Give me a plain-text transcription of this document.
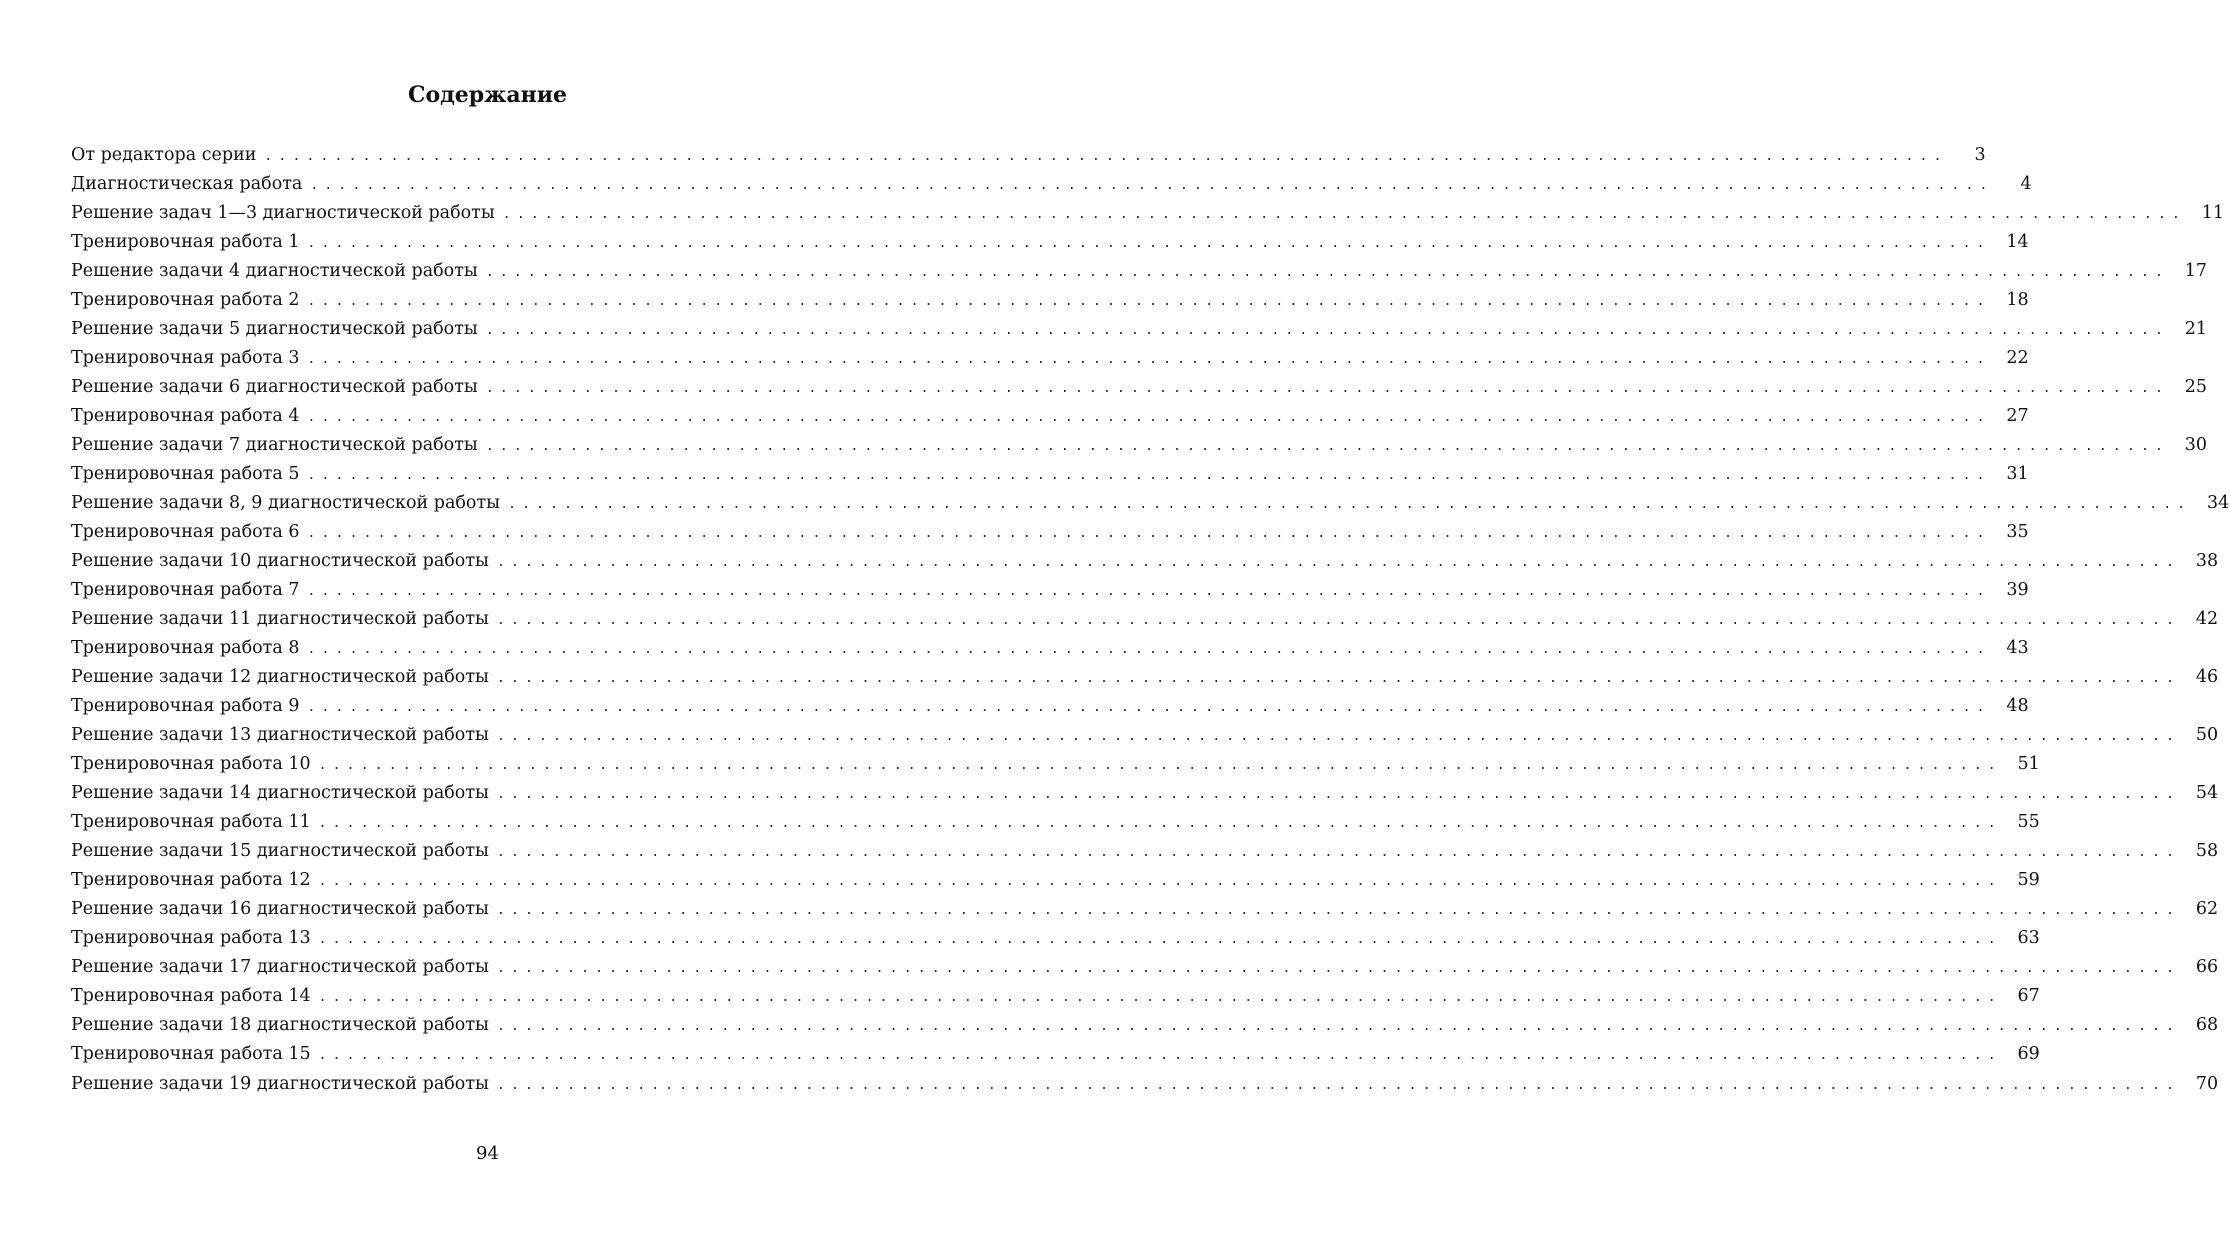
Содержание
От редактора серии ........................................................................................................................	3
Диагностическая работа ........................................................................................................................	4
Решение задач 1—3 диагностической работы ........................................................................................................................ 11
Тренировочная работа 1 ........................................................................................................................ 14
Решение задачи 4 диагностической работы ........................................................................................................................ 17
Тренировочная работа 2 ........................................................................................................................ 18
Решение задачи 5 диагностической работы ........................................................................................................................ 21
Тренировочная работа 3 ........................................................................................................................ 22
Решение задачи 6 диагностической работы ........................................................................................................................ 25
Тренировочная работа 4 ........................................................................................................................ 27
Решение задачи 7 диагностической работы ........................................................................................................................ 30
Тренировочная работа 5 ........................................................................................................................ 31
Решение задачи 8, 9 диагностической работы ........................................................................................................................ 34
Тренировочная работа 6 ........................................................................................................................ 35
Решение задачи 10 диагностической работы ........................................................................................................................ 38
Тренировочная работа 7 ........................................................................................................................ 39
Решение задачи 11 диагностической работы ........................................................................................................................ 42
Тренировочная работа 8 ........................................................................................................................ 43
Решение задачи 12 диагностической работы ........................................................................................................................ 46
Тренировочная работа 9 ........................................................................................................................ 48
Решение задачи 13 диагностической работы ........................................................................................................................ 50
Тренировочная работа 10 ........................................................................................................................ 51
Решение задачи 14 диагностической работы ........................................................................................................................ 54
Тренировочная работа 11 ........................................................................................................................ 55
Решение задачи 15 диагностической работы ........................................................................................................................ 58
Тренировочная работа 12 ........................................................................................................................ 59
Решение задачи 16 диагностической работы ........................................................................................................................ 62
Тренировочная работа 13 ........................................................................................................................ 63
Решение задачи 17 диагностической работы ........................................................................................................................ 66
Тренировочная работа 14 ........................................................................................................................ 67
Решение задачи 18 диагностической работы ........................................................................................................................ 68
Тренировочная работа 15 ........................................................................................................................ 69
Решение задачи 19 диагностической работы ........................................................................................................................ 70
94
